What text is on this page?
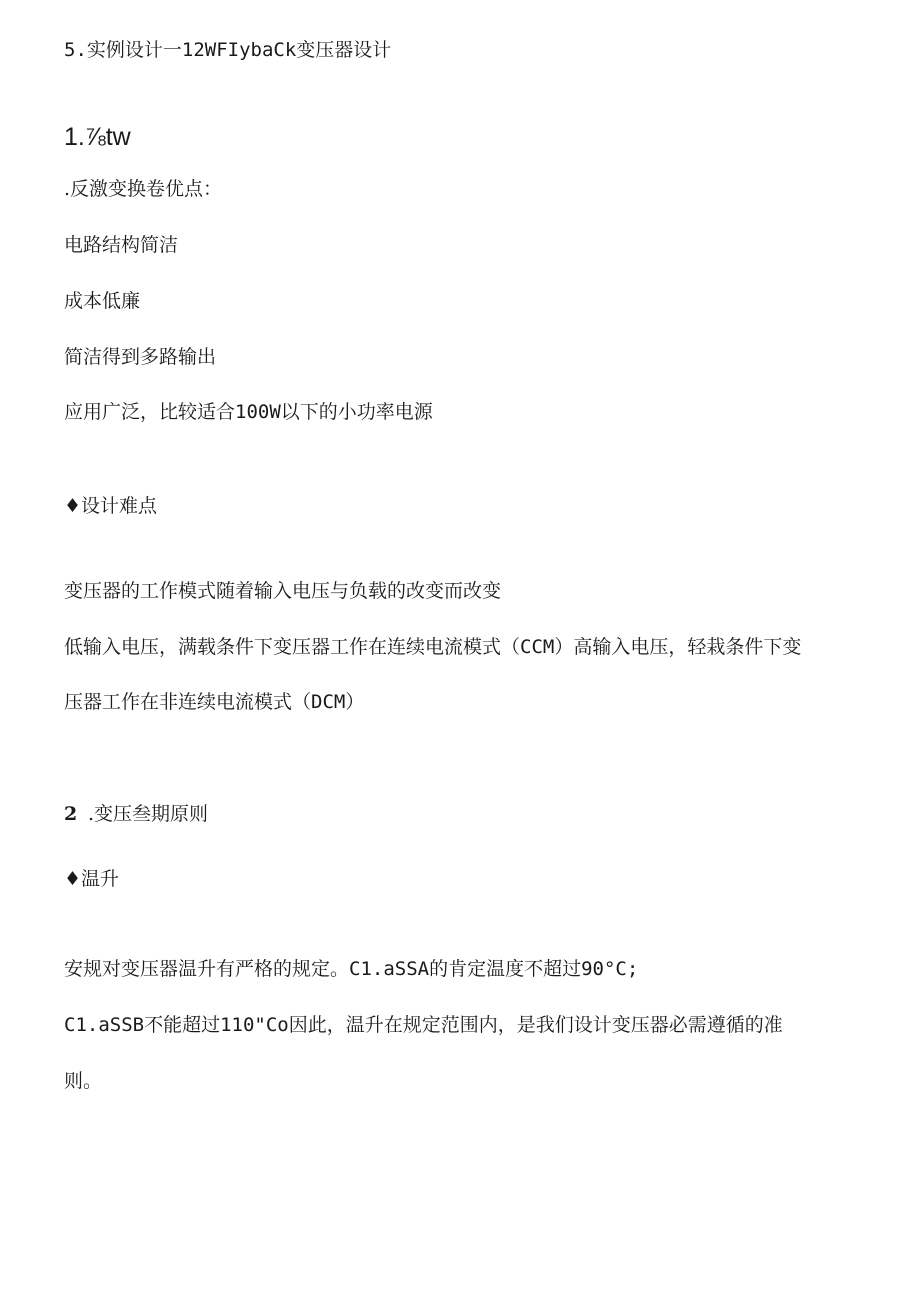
5.实例设计一12WFIybaCk变压器设计
1.⅞tw
.反激变换卷优点：
电路结构简洁
成本低廉
简洁得到多路输出
应用广泛，比较适合100W以下的小功率电源
♦设计难点
变压器的工作模式随着输入电压与负载的改变而改变
低输入电压，满载条件下变压器工作在连续电流模式（CCM）高输入电压，轻栽条件下变
压器工作在非连续电流模式（DCM）
2 .变压叁期原则
♦温升
安规对变压器温升有严格的规定。C1.aSSA的肯定温度不超过90°C;
C1.aSSB不能超过110"Co因此，温升在规定范围内，是我们设计变压器必需遵循的准
则。
